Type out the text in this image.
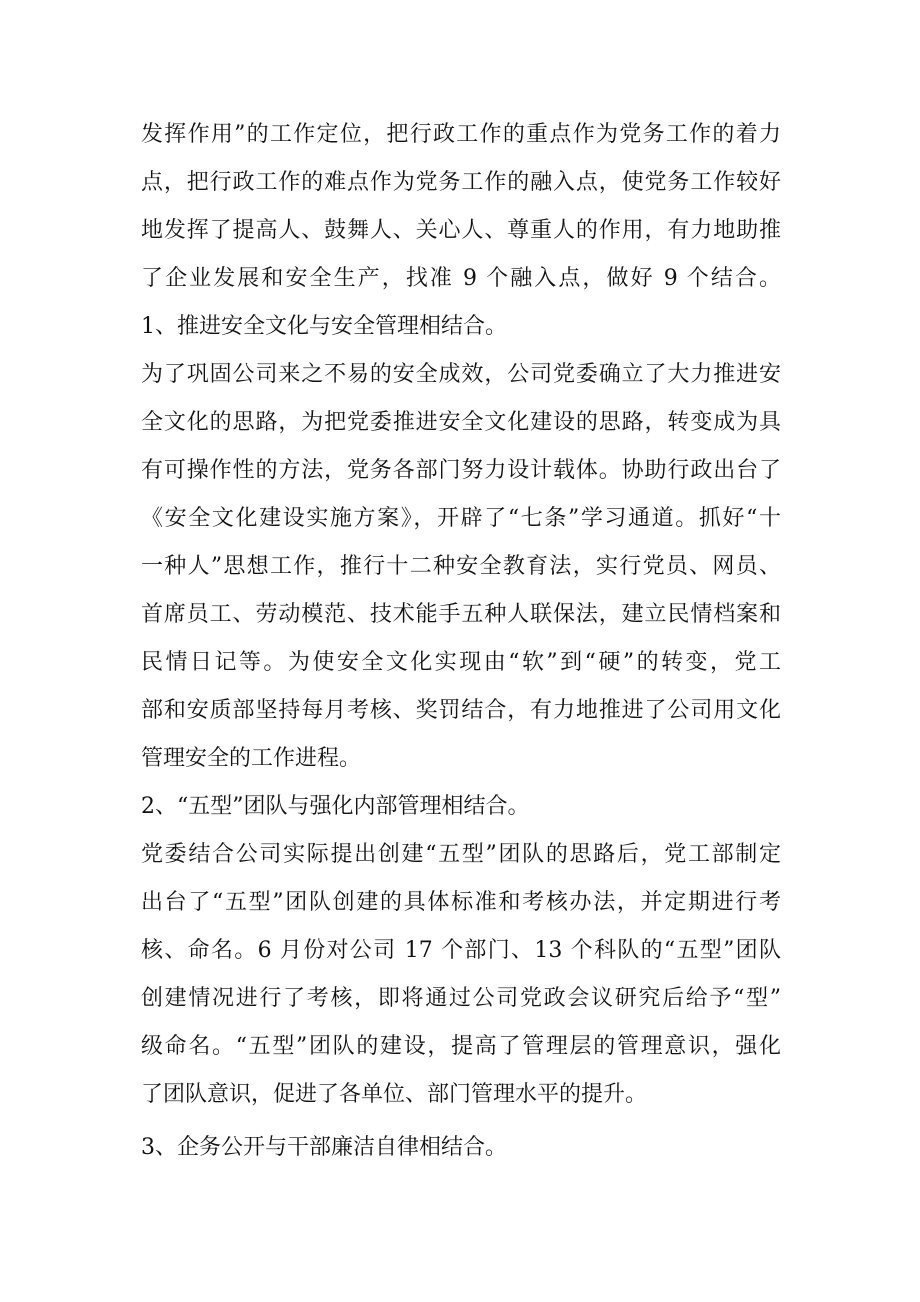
发挥作用”的工作定位，把行政工作的重点作为党务工作的着力
点，把行政工作的难点作为党务工作的融入点，使党务工作较好
地发挥了提高人、鼓舞人、关心人、尊重人的作用，有力地助推
了企业发展和安全生产，找准 9 个融入点，做好 9 个结合。
1、推进安全文化与安全管理相结合。
为了巩固公司来之不易的安全成效，公司党委确立了大力推进安
全文化的思路，为把党委推进安全文化建设的思路，转变成为具
有可操作性的方法，党务各部门努力设计载体。协助行政出台了
《安全文化建设实施方案》，开辟了“七条”学习通道。抓好“十
一种人”思想工作，推行十二种安全教育法，实行党员、网员、
首席员工、劳动模范、技术能手五种人联保法，建立民情档案和
民情日记等。为使安全文化实现由“软”到“硬”的转变，党工
部和安质部坚持每月考核、奖罚结合，有力地推进了公司用文化
管理安全的工作进程。
2、“五型”团队与强化内部管理相结合。
党委结合公司实际提出创建“五型”团队的思路后，党工部制定
出台了“五型”团队创建的具体标准和考核办法，并定期进行考
核、命名。6 月份对公司 17 个部门、13 个科队的“五型”团队
创建情况进行了考核，即将通过公司党政会议研究后给予“型”
级命名。“五型”团队的建设，提高了管理层的管理意识，强化
了团队意识，促进了各单位、部门管理水平的提升。
3、企务公开与干部廉洁自律相结合。
